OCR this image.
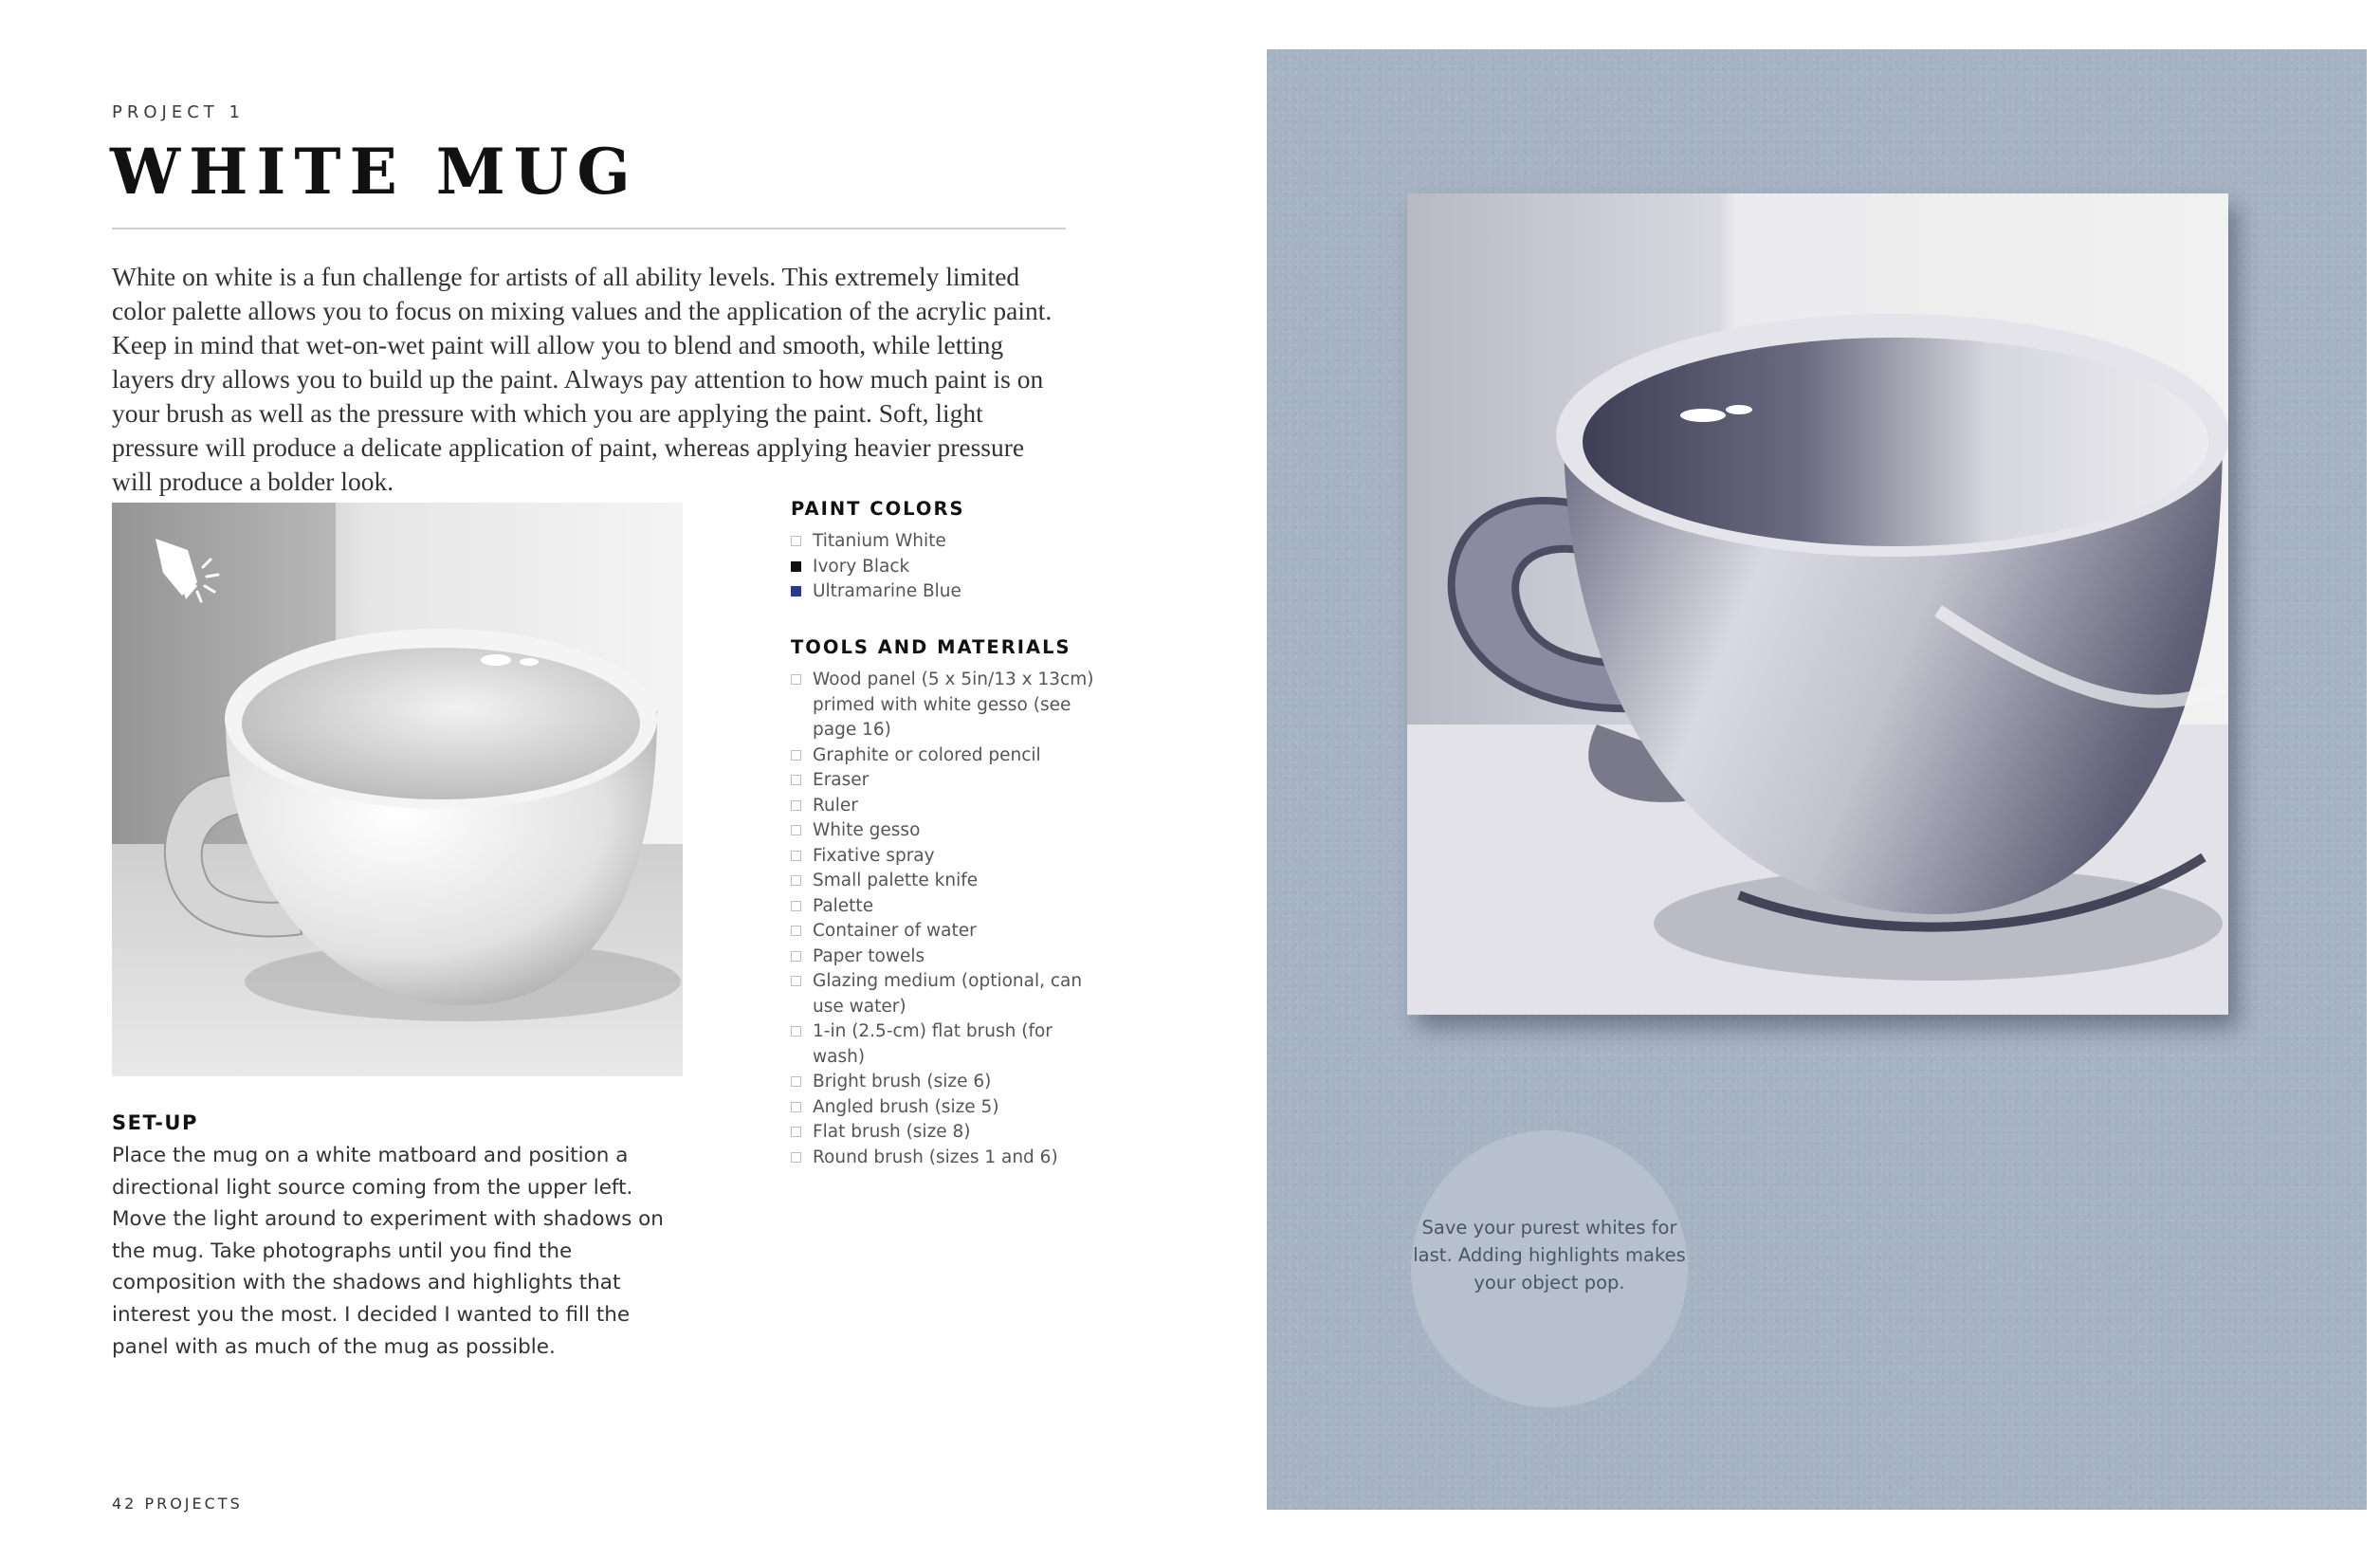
PROJECT 1
WHITE MUG

White on white is a fun challenge for artists of all ability levels. This extremely limited color palette allows you to focus on mixing values and the application of the acrylic paint. Keep in mind that wet-on-wet paint will allow you to blend and smooth, while letting layers dry allows you to build up the paint. Always pay attention to how much paint is on your brush as well as the pressure with which you are applying the paint. Soft, light pressure will produce a delicate application of paint, whereas applying heavier pressure will produce a bolder look.

PAINT COLORS
Titanium White
Ivory Black
Ultramarine Blue
TOOLS AND MATERIALS
Wood panel (5 x 5in/13 x 13cm) primed with white gesso (see page 16)
Graphite or colored pencil
Eraser
Ruler
White gesso
Fixative spray
Small palette knife
Palette
Container of water
Paper towels
Glazing medium (optional, can use water)
1-in (2.5-cm) flat brush (for wash)
Bright brush (size 6)
Angled brush (size 5)
Flat brush (size 8)
Round brush (sizes 1 and 6)
SET-UP

Place the mug on a white matboard and position a directional light source coming from the upper left. Move the light around to experiment with shadows on the mug. Take photographs until you find the composition with the shadows and highlights that interest you the most. I decided I wanted to fill the panel with as much of the mug as possible.

42 PROJECTS

Save your purest whites for last. Adding highlights makes your object pop.
